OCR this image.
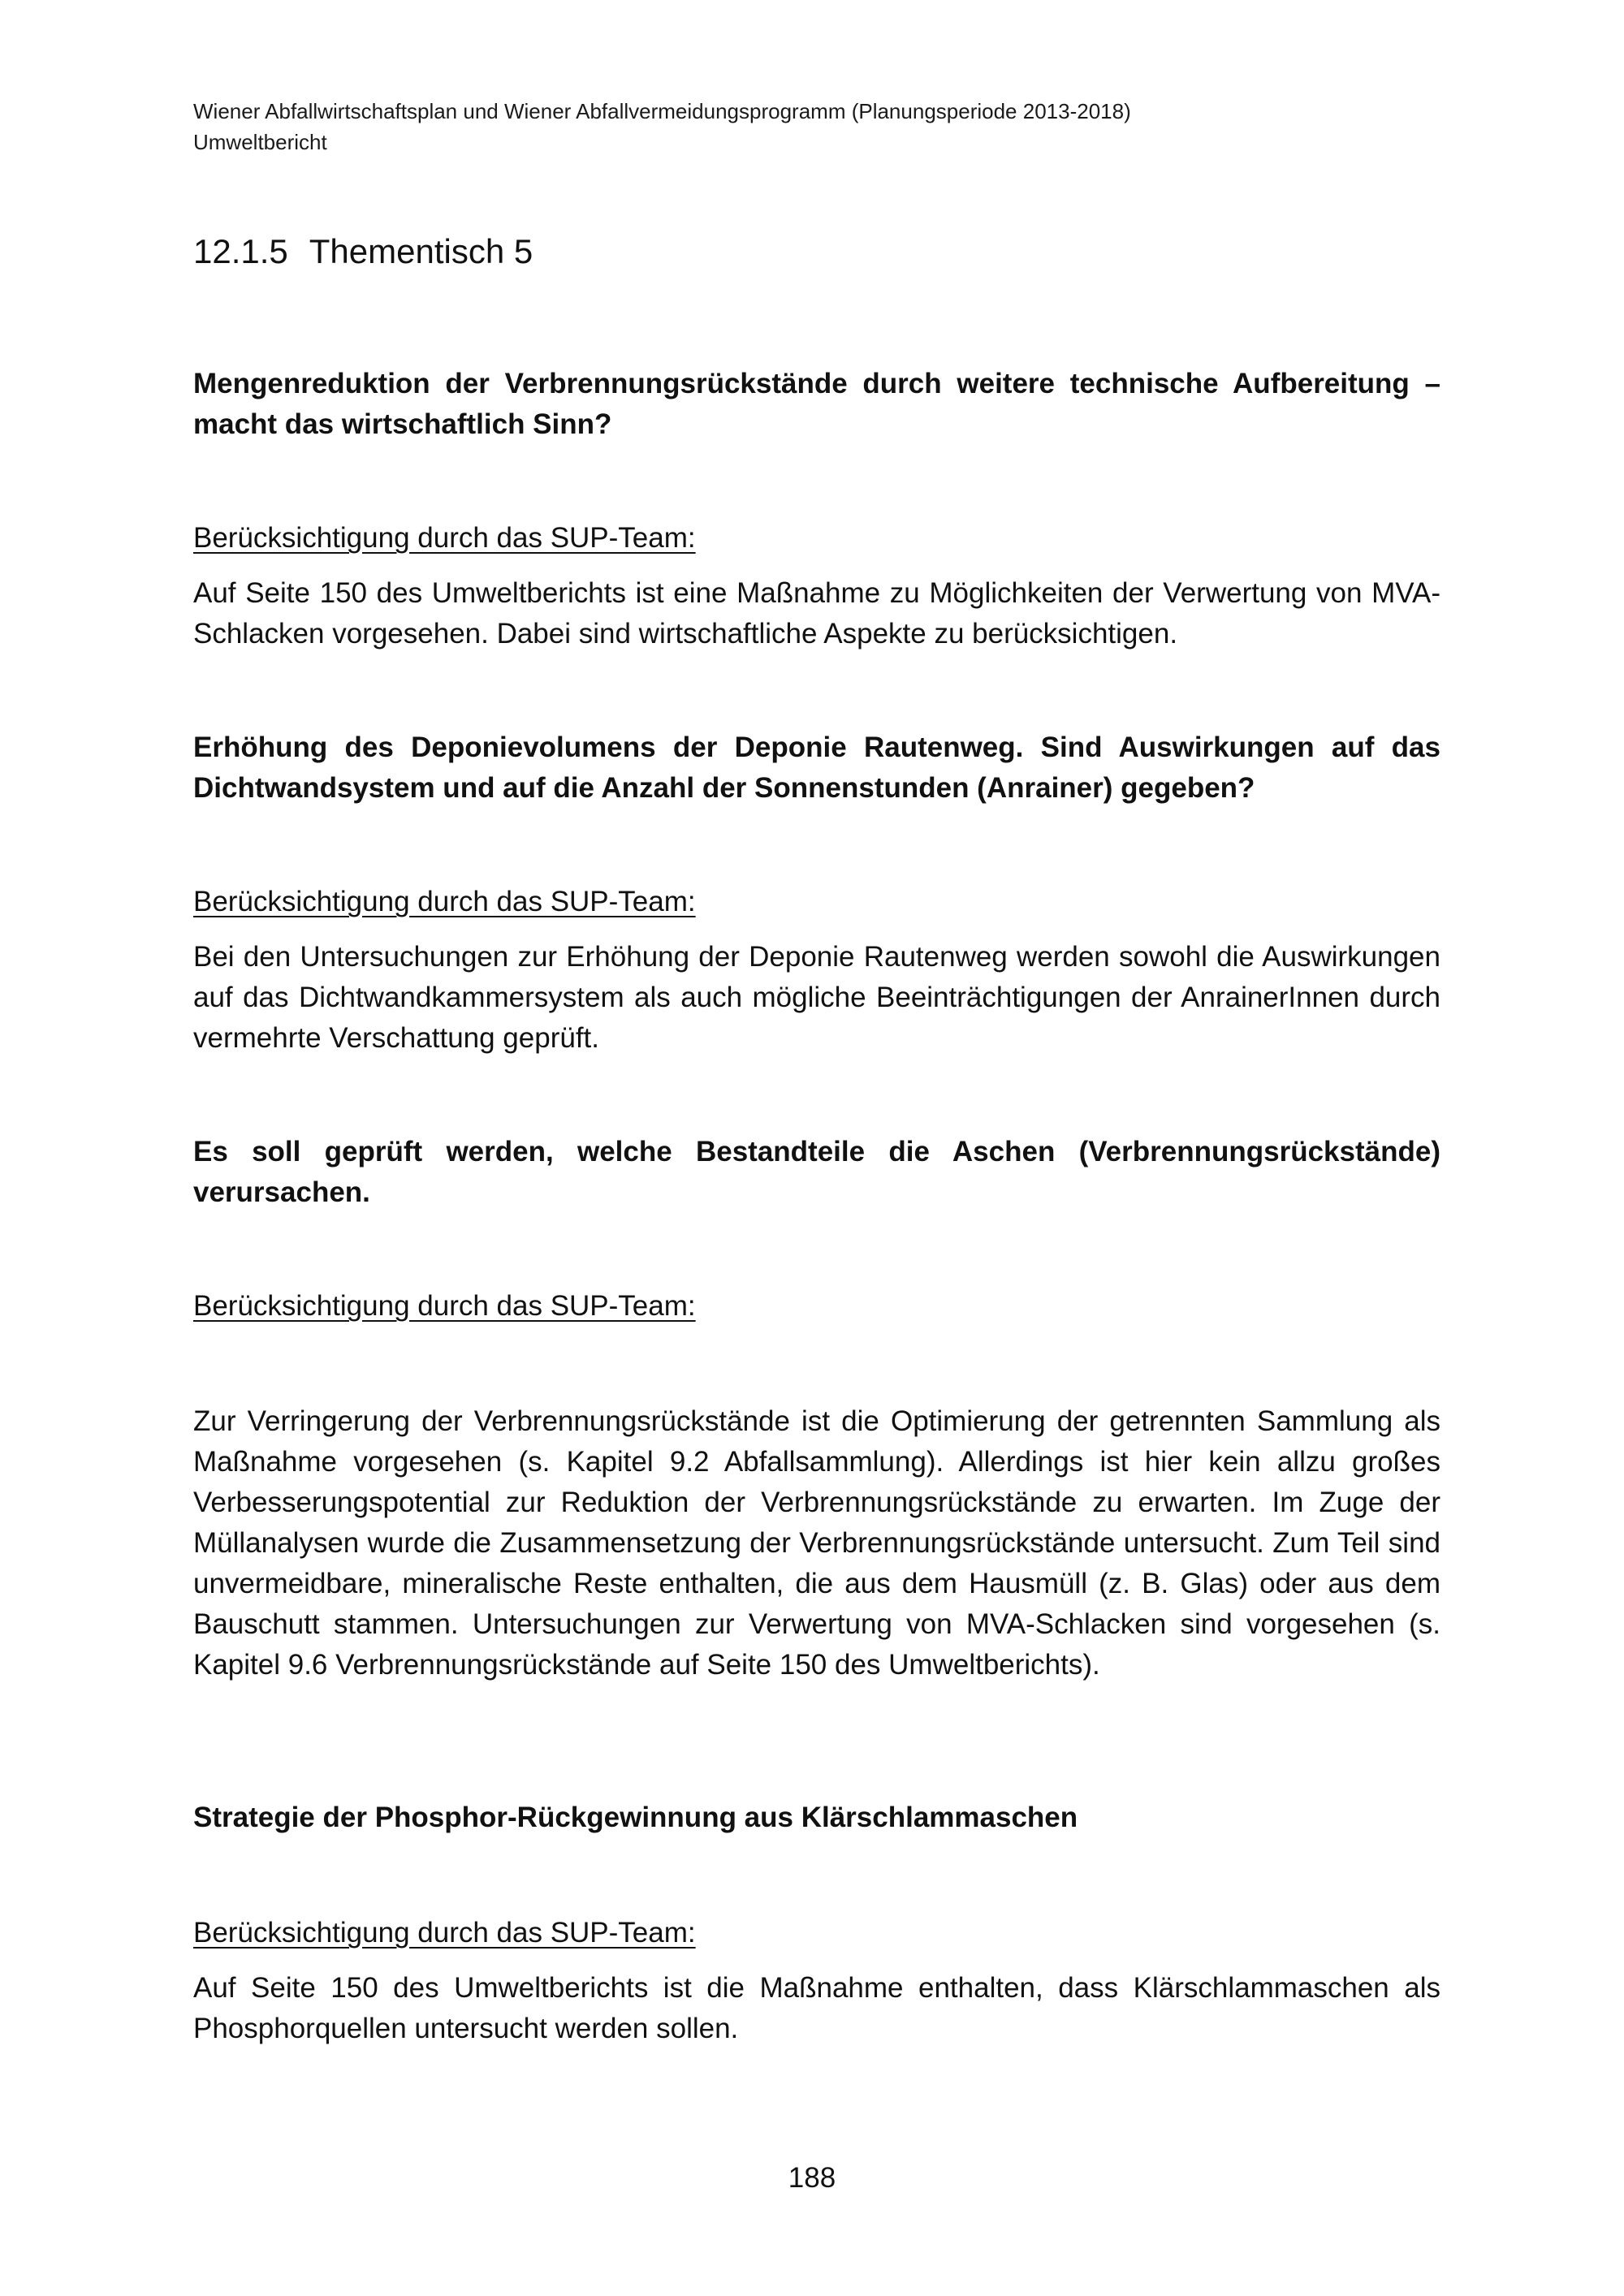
Wiener Abfallwirtschaftsplan und Wiener Abfallvermeidungsprogramm (Planungsperiode 2013-2018)
Umweltbericht
12.1.5 Thementisch 5

Mengenreduktion der Verbrennungsrückstände durch weitere technische Aufbereitung – macht das wirtschaftlich Sinn?

Berücksichtigung durch das SUP-Team:

Auf Seite 150 des Umweltberichts ist eine Maßnahme zu Möglichkeiten der Verwertung von MVA-Schlacken vorgesehen. Dabei sind wirtschaftliche Aspekte zu berücksichtigen.

Erhöhung des Deponievolumens der Deponie Rautenweg. Sind Auswirkungen auf das Dichtwandsystem und auf die Anzahl der Sonnenstunden (Anrainer) gegeben?

Berücksichtigung durch das SUP-Team:

Bei den Untersuchungen zur Erhöhung der Deponie Rautenweg werden sowohl die Auswirkungen auf das Dichtwandkammersystem als auch mögliche Beeinträchtigungen der AnrainerInnen durch vermehrte Verschattung geprüft.

Es soll geprüft werden, welche Bestandteile die Aschen (Verbrennungsrückstände) verursachen.

Berücksichtigung durch das SUP-Team:

Zur Verringerung der Verbrennungsrückstände ist die Optimierung der getrennten Sammlung als Maßnahme vorgesehen (s. Kapitel 9.2 Abfallsammlung). Allerdings ist hier kein allzu großes Verbesserungspotential zur Reduktion der Verbrennungsrückstände zu erwarten. Im Zuge der Müllanalysen wurde die Zusammensetzung der Verbrennungsrückstände untersucht. Zum Teil sind unvermeidbare, mineralische Reste enthalten, die aus dem Hausmüll (z. B. Glas) oder aus dem Bauschutt stammen. Untersuchungen zur Verwertung von MVA-Schlacken sind vorgesehen (s. Kapitel 9.6 Verbrennungsrückstände auf Seite 150 des Umweltberichts).

Strategie der Phosphor-Rückgewinnung aus Klärschlammaschen

Berücksichtigung durch das SUP-Team:

Auf Seite 150 des Umweltberichts ist die Maßnahme enthalten, dass Klärschlammaschen als Phosphorquellen untersucht werden sollen.

188
